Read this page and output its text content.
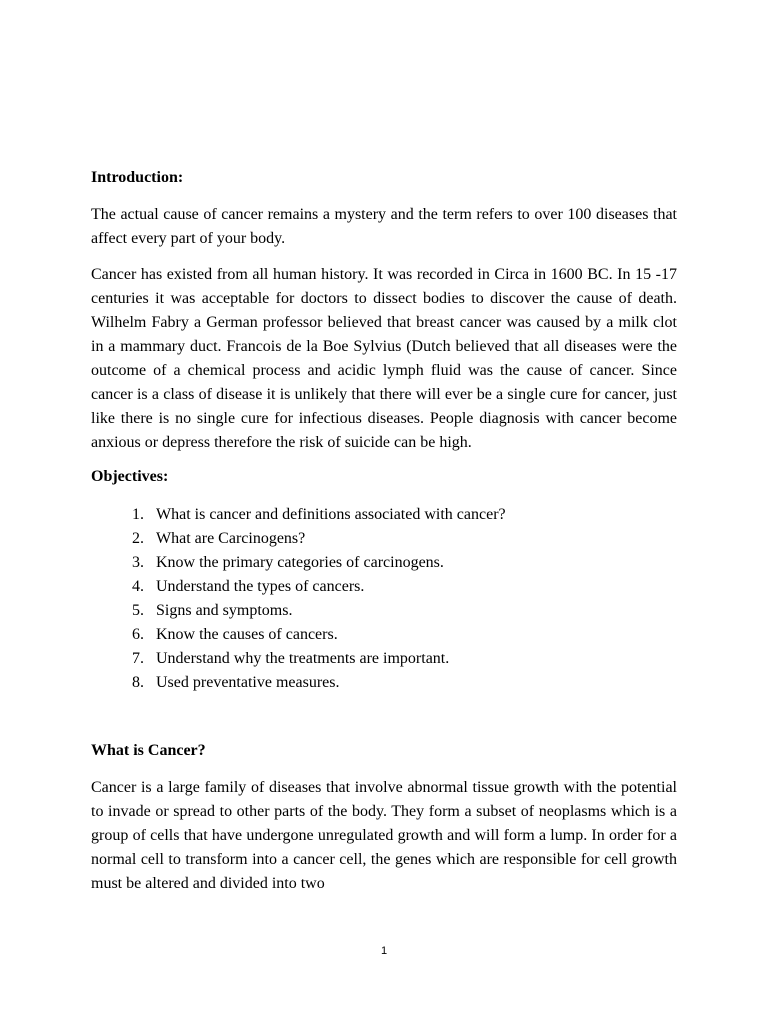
Introduction:

The actual cause of cancer remains a mystery and the term refers to over 100 diseases that affect every part of your body.

Cancer has existed from all human history. It was recorded in Circa in 1600 BC. In 15 -17 centuries it was acceptable for doctors to dissect bodies to discover the cause of death. Wilhelm Fabry a German professor believed that breast cancer was caused by a milk clot in a mammary duct. Francois de la Boe Sylvius (Dutch believed that all diseases were the outcome of a chemical process and acidic lymph fluid was the cause of cancer. Since cancer is a class of disease it is unlikely that there will ever be a single cure for cancer, just like there is no single cure for infectious diseases. People diagnosis with cancer become anxious or depress therefore the risk of suicide can be high.

Objectives:

1. What is cancer and definitions associated with cancer?
2. What are Carcinogens?
3. Know the primary categories of carcinogens.
4. Understand the types of cancers.
5. Signs and symptoms.
6. Know the causes of cancers.
7. Understand why the treatments are important.
8. Used preventative measures.

What is Cancer?

Cancer is a large family of diseases that involve abnormal tissue growth with the potential to invade or spread to other parts of the body. They form a subset of neoplasms which is a group of cells that have undergone unregulated growth and will form a lump. In order for a normal cell to transform into a cancer cell, the genes which are responsible for cell growth must be altered and divided into two

1
